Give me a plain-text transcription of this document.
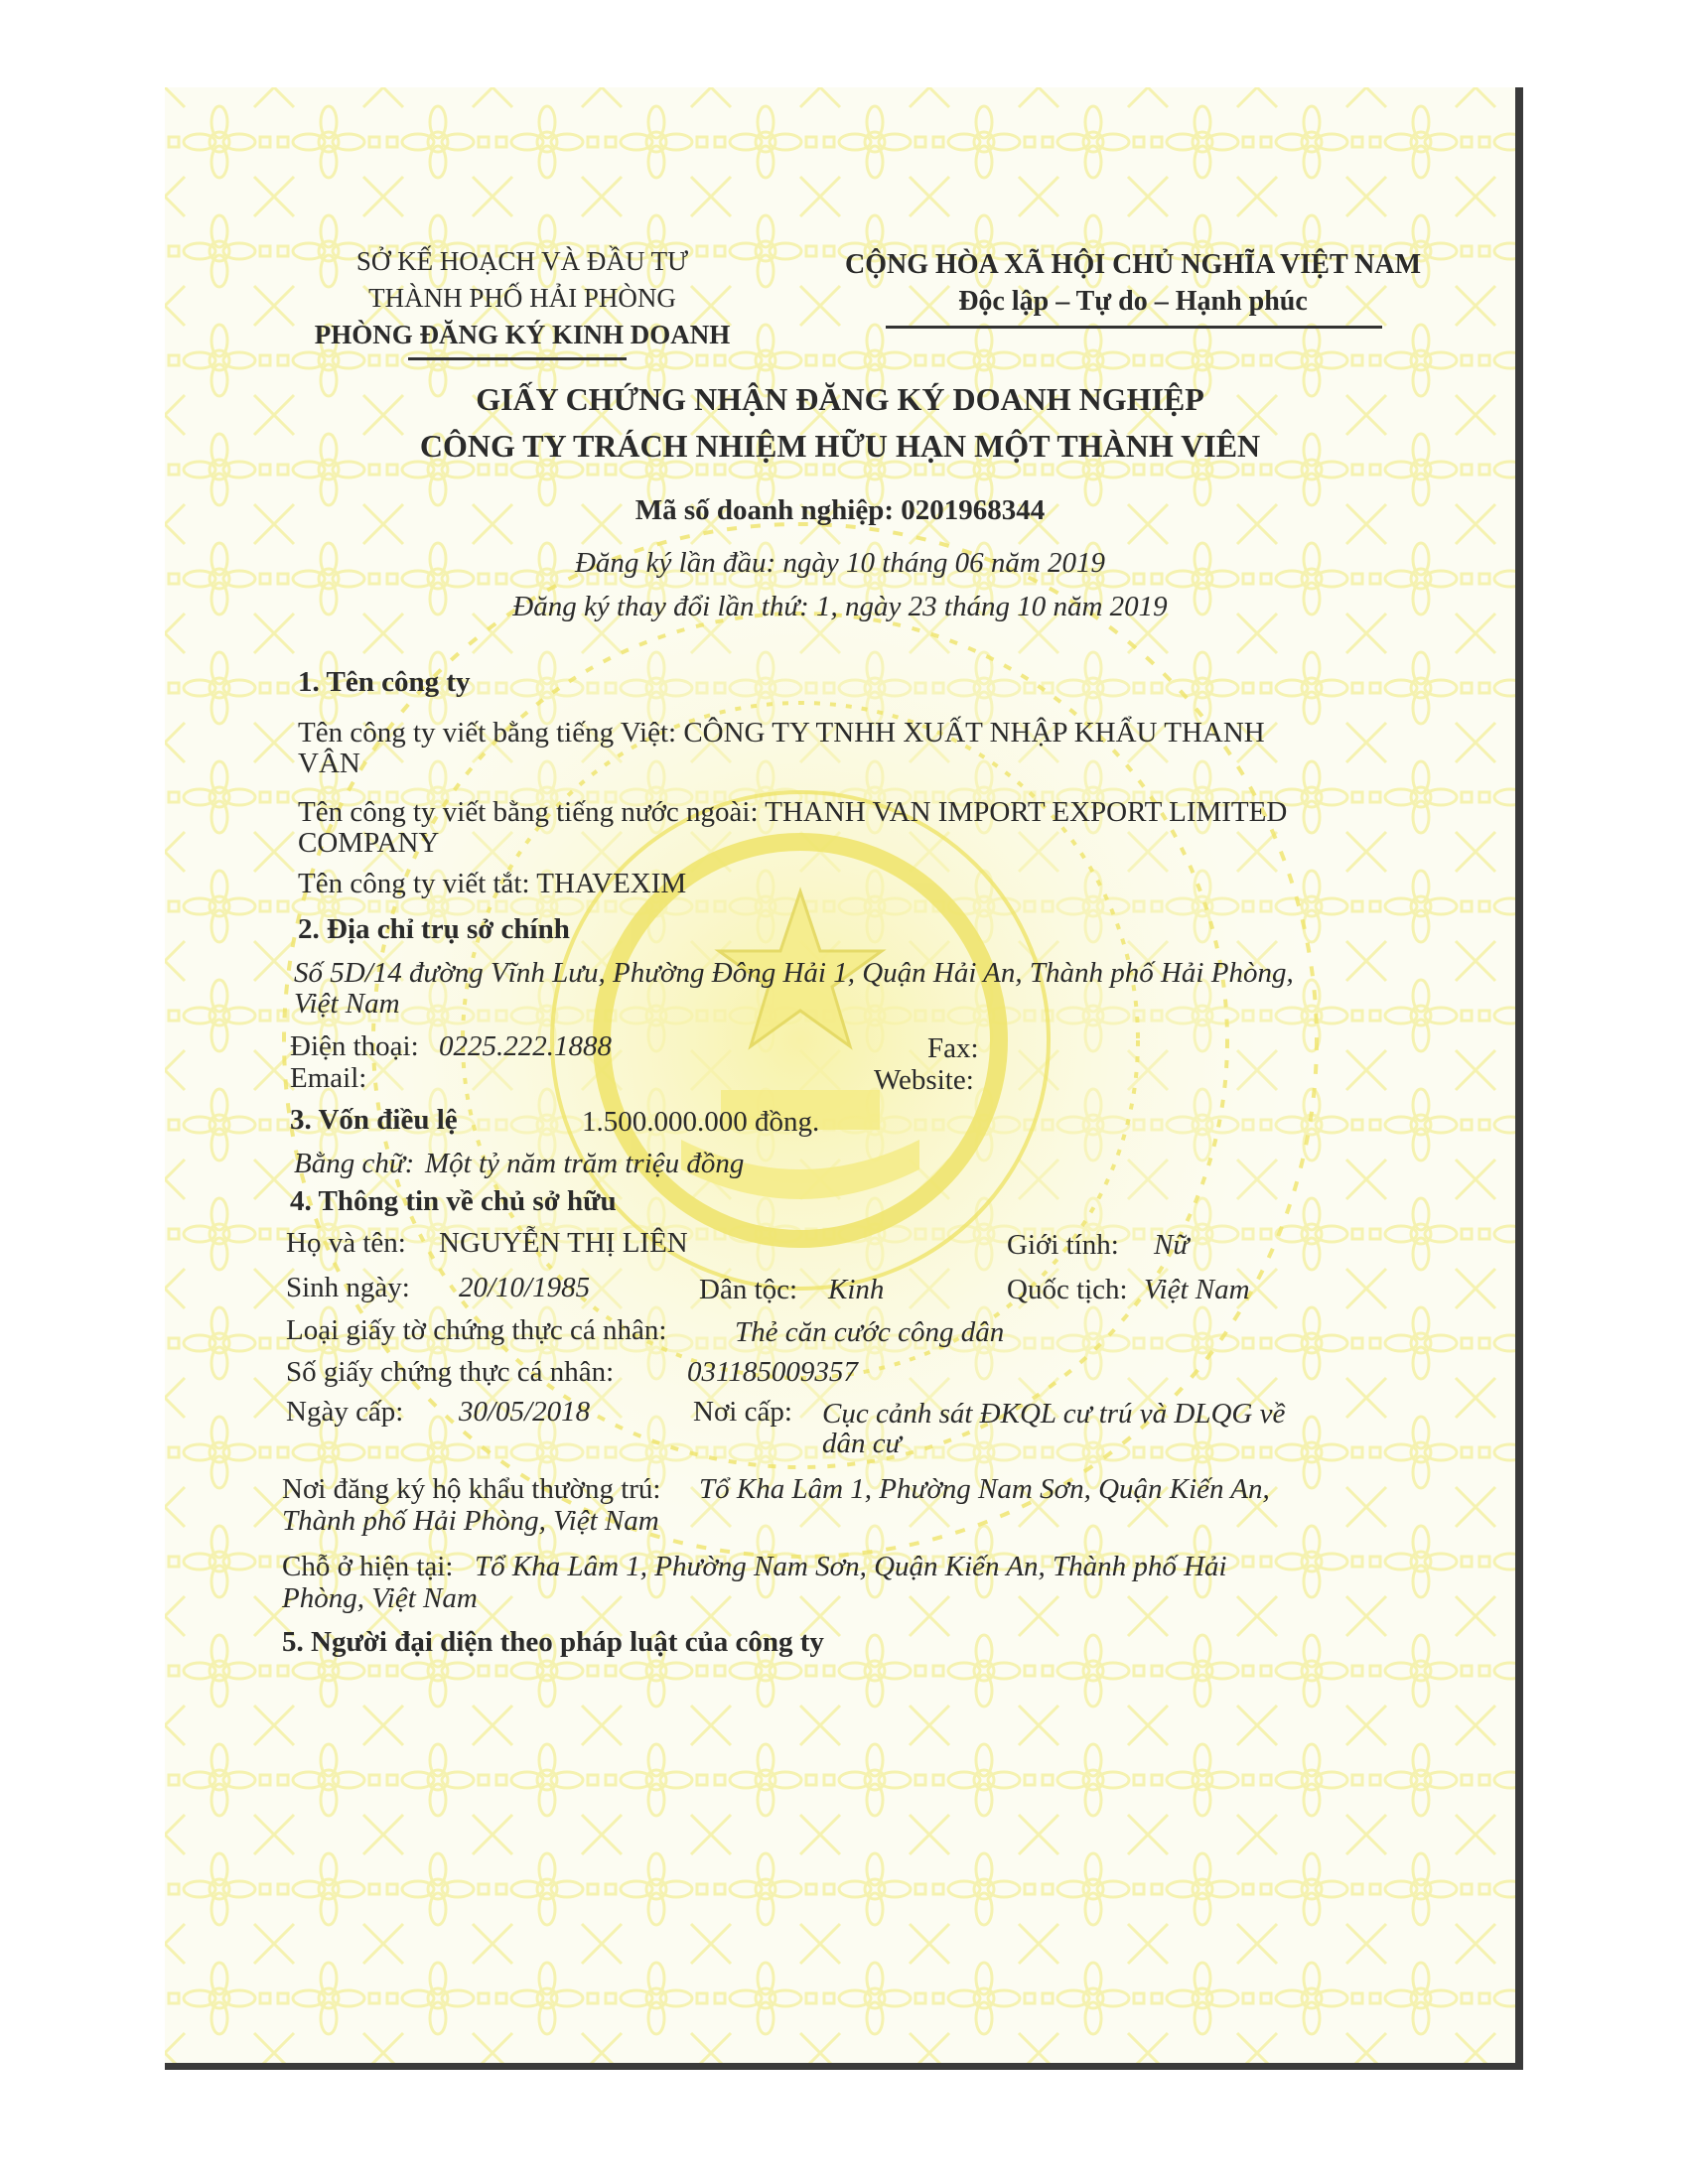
SỞ KẾ HOẠCH VÀ ĐẦU TƯ
THÀNH PHỐ HẢI PHÒNG
PHÒNG ĐĂNG KÝ KINH DOANH
CỘNG HÒA XÃ HỘI CHỦ NGHĨA VIỆT NAM
Độc lập – Tự do – Hạnh phúc
GIẤY CHỨNG NHẬN ĐĂNG KÝ DOANH NGHIỆP
CÔNG TY TRÁCH NHIỆM HỮU HẠN MỘT THÀNH VIÊN
Mã số doanh nghiệp: 0201968344
Đăng ký lần đầu: ngày 10 tháng 06 năm 2019
Đăng ký thay đổi lần thứ: 1, ngày 23 tháng 10 năm 2019
1. Tên công ty
Tên công ty viết bằng tiếng Việt: CÔNG TY TNHH XUẤT NHẬP KHẨU THANH
VÂN
Tên công ty viết bằng tiếng nước ngoài: THANH VAN IMPORT EXPORT LIMITED
COMPANY
Tên công ty viết tắt: THAVEXIM
2. Địa chỉ trụ sở chính
Số 5D/14 đường Vĩnh Lưu, Phường Đông Hải 1, Quận Hải An, Thành phố Hải Phòng,
Việt Nam
Điện thoại: 0225.222.1888	Fax:
Email:	Website:
3. Vốn điều lệ	1.500.000.000 đồng.
Bằng chữ: Một tỷ năm trăm triệu đồng
4. Thông tin về chủ sở hữu
Họ và tên: NGUYỄN THỊ LIÊN	Giới tính: Nữ
Sinh ngày: 20/10/1985	Dân tộc: Kinh	Quốc tịch: Việt Nam
Loại giấy tờ chứng thực cá nhân: Thẻ căn cước công dân
Số giấy chứng thực cá nhân:	031185009357
Ngày cấp: 30/05/2018	Nơi cấp: Cục cảnh sát ĐKQL cư trú và DLQG về
dân cư
Nơi đăng ký hộ khẩu thường trú: Tổ Kha Lâm 1, Phường Nam Sơn, Quận Kiến An,
Thành phố Hải Phòng, Việt Nam
Chỗ ở hiện tại: Tổ Kha Lâm 1, Phường Nam Sơn, Quận Kiến An, Thành phố Hải
Phòng, Việt Nam
5. Người đại diện theo pháp luật của công ty
